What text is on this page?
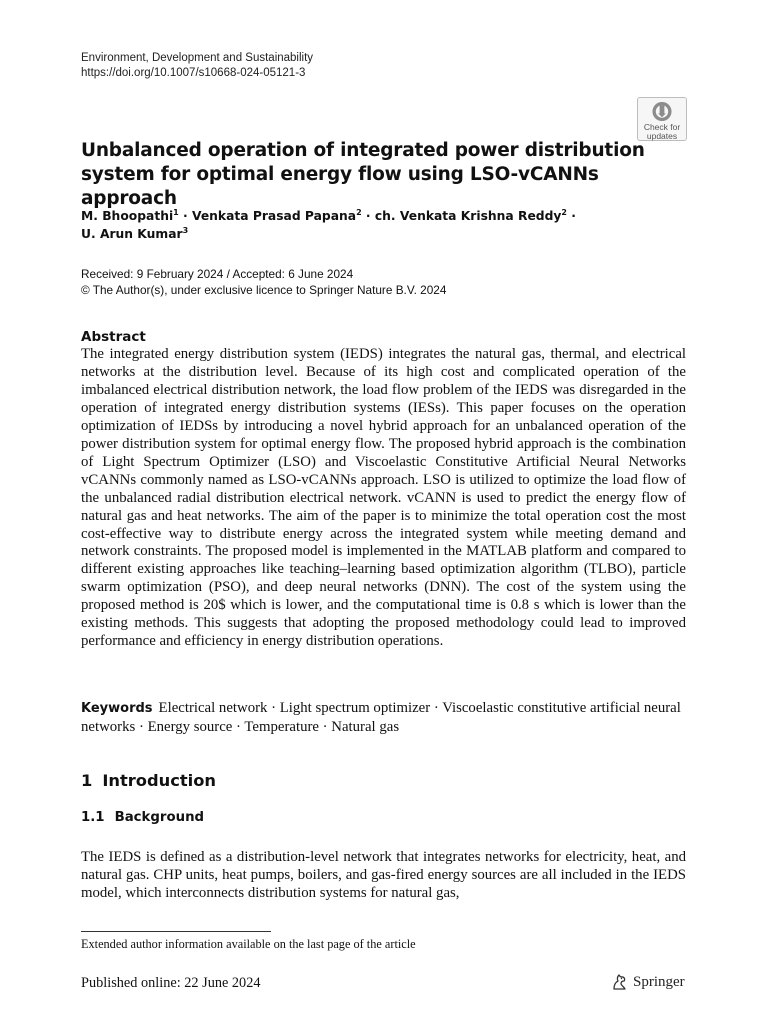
Environment, Development and Sustainability
https://doi.org/10.1007/s10668-024-05121-3
Check for
updates
Unbalanced operation of integrated power distribution
system for optimal energy flow using LSO-vCANNs approach
M. Bhoopathi$^1$ · Venkata Prasad Papana$^2$ · ch. Venkata Krishna Reddy$^2$ ·
U. Arun Kumar$^3$
Received: 9 February 2024 / Accepted: 6 June 2024
© The Author(s), under exclusive licence to Springer Nature B.V. 2024
Abstract

The integrated energy distribution system (IEDS) integrates the natural gas, thermal, and electrical networks at the distribution level. Because of its high cost and complicated operation of the imbalanced electrical distribution network, the load flow problem of the IEDS was disregarded in the operation of integrated energy distribution systems (IESs). This paper focuses on the operation optimization of IEDSs by introducing a novel hybrid approach for an unbalanced operation of the power distribution system for optimal energy flow. The proposed hybrid approach is the combination of Light Spectrum Optimizer (LSO) and Viscoelastic Constitutive Artificial Neural Networks vCANNs commonly named as LSO-vCANNs approach. LSO is utilized to optimize the load flow of the unbalanced radial distribution electrical network. vCANN is used to predict the energy flow of natural gas and heat networks. The aim of the paper is to minimize the total operation cost the most cost-effective way to distribute energy across the integrated system while meeting demand and network constraints. The proposed model is implemented in the MATLAB platform and compared to different existing approaches like teaching–learning based optimization algorithm (TLBO), particle swarm optimization (PSO), and deep neural networks (DNN). The cost of the system using the proposed method is 20$ which is lower, and the computational time is 0.8 s which is lower than the existing methods. This suggests that adopting the proposed methodology could lead to improved performance and efficiency in energy distribution operations.

Keywords Electrical network · Light spectrum optimizer · Viscoelastic constitutive artificial neural networks · Energy source · Temperature · Natural gas

1 Introduction
1.1 Background

The IEDS is defined as a distribution-level network that integrates networks for electricity, heat, and natural gas. CHP units, heat pumps, boilers, and gas-fired energy sources are all included in the IEDS model, which interconnects distribution systems for natural gas,

Extended author information available on the last page of the article
Published online: 22 June 2024	Springer
